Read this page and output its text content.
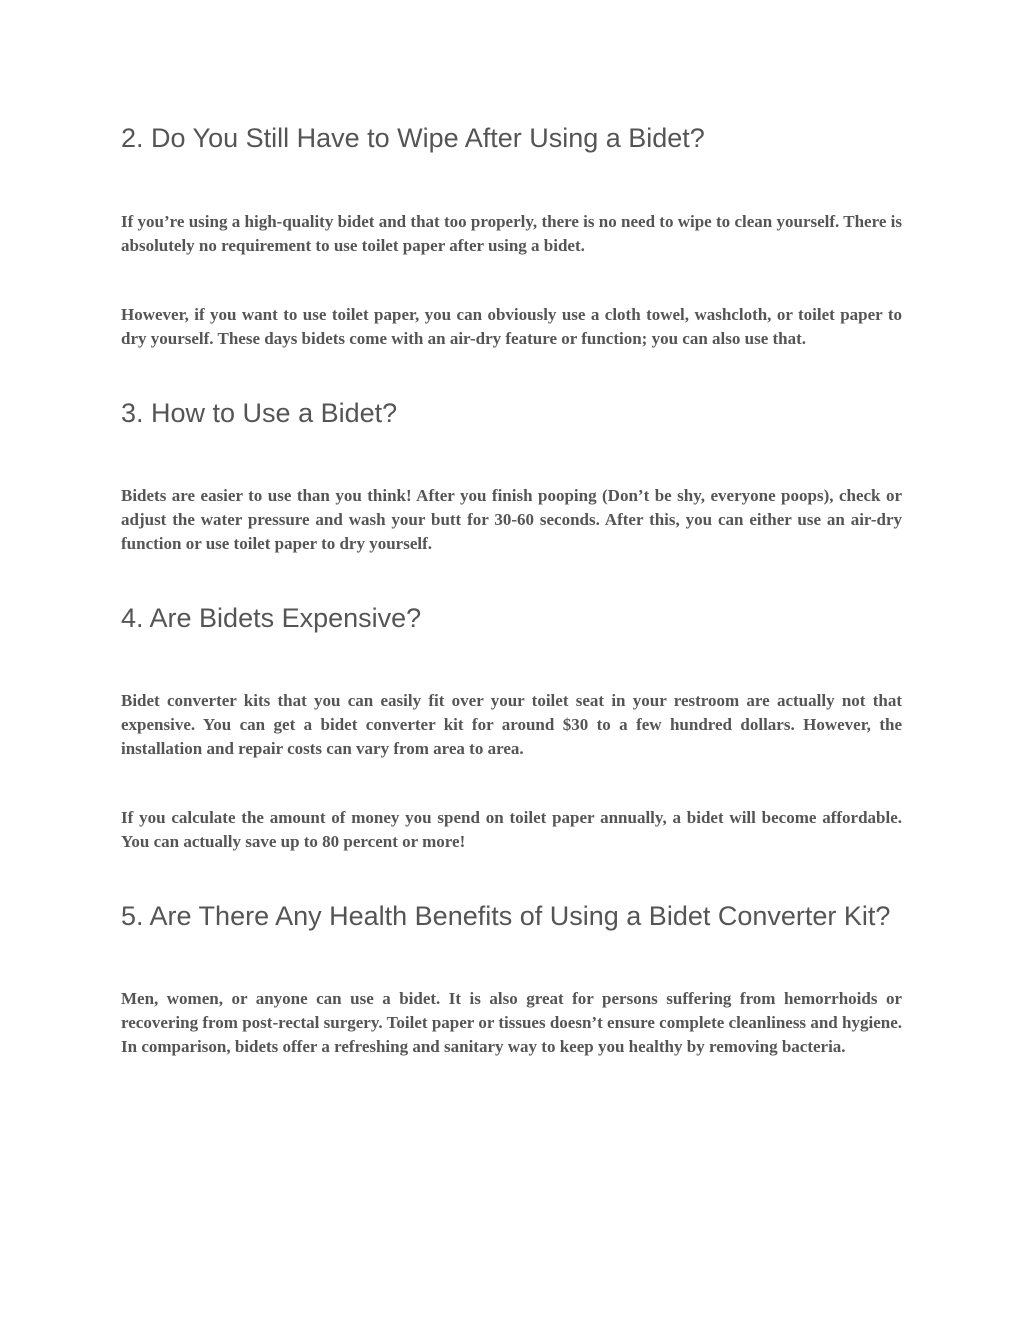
2. Do You Still Have to Wipe After Using a Bidet?

If you’re using a high-quality bidet and that too properly, there is no need to wipe to clean yourself. There is absolutely no requirement to use toilet paper after using a bidet.

However, if you want to use toilet paper, you can obviously use a cloth towel, washcloth, or toilet paper to dry yourself. These days bidets come with an air-dry feature or function; you can also use that.

3. How to Use a Bidet?

Bidets are easier to use than you think! After you finish pooping (Don’t be shy, everyone poops), check or adjust the water pressure and wash your butt for 30-60 seconds. After this, you can either use an air-dry function or use toilet paper to dry yourself.

4. Are Bidets Expensive?

Bidet converter kits that you can easily fit over your toilet seat in your restroom are actually not that expensive. You can get a bidet converter kit for around $30 to a few hundred dollars. However, the installation and repair costs can vary from area to area.

If you calculate the amount of money you spend on toilet paper annually, a bidet will become affordable. You can actually save up to 80 percent or more!

5. Are There Any Health Benefits of Using a Bidet Converter Kit?

Men, women, or anyone can use a bidet. It is also great for persons suffering from hemorrhoids or recovering from post-rectal surgery. Toilet paper or tissues doesn’t ensure complete cleanliness and hygiene. In comparison, bidets offer a refreshing and sanitary way to keep you healthy by removing bacteria.
